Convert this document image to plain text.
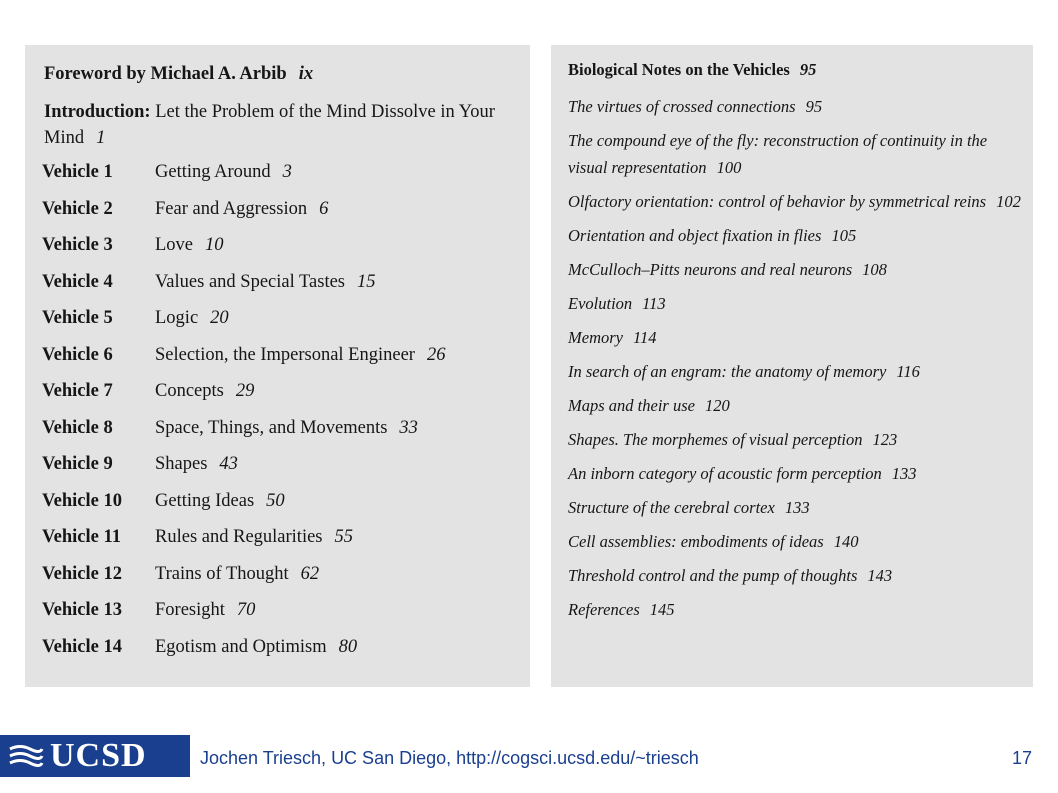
Foreword by Michael A. Arbib ix
Introduction: Let the Problem of the Mind Dissolve in Your Mind 1
Vehicle 1	Getting Around 3
Vehicle 2	Fear and Aggression 6
Vehicle 3	Love 10
Vehicle 4	Values and Special Tastes 15
Vehicle 5	Logic 20
Vehicle 6	Selection, the Impersonal Engineer 26
Vehicle 7	Concepts 29
Vehicle 8	Space, Things, and Movements 33
Vehicle 9	Shapes 43
Vehicle 10	Getting Ideas 50
Vehicle 11	Rules and Regularities 55
Vehicle 12	Trains of Thought 62
Vehicle 13	Foresight 70
Vehicle 14	Egotism and Optimism 80
Biological Notes on the Vehicles 95
The virtues of crossed connections 95
The compound eye of the fly: reconstruction of continuity in the visual representation 100
Olfactory orientation: control of behavior by symmetrical reins 102
Orientation and object fixation in flies 105
McCulloch–Pitts neurons and real neurons 108
Evolution 113
Memory 114
In search of an engram: the anatomy of memory 116
Maps and their use 120
Shapes. The morphemes of visual perception 123
An inborn category of acoustic form perception 133
Structure of the cerebral cortex 133
Cell assemblies: embodiments of ideas 140
Threshold control and the pump of thoughts 143
References 145
UCSD	Jochen Triesch, UC San Diego, http://cogsci.ucsd.edu/~triesch	17
